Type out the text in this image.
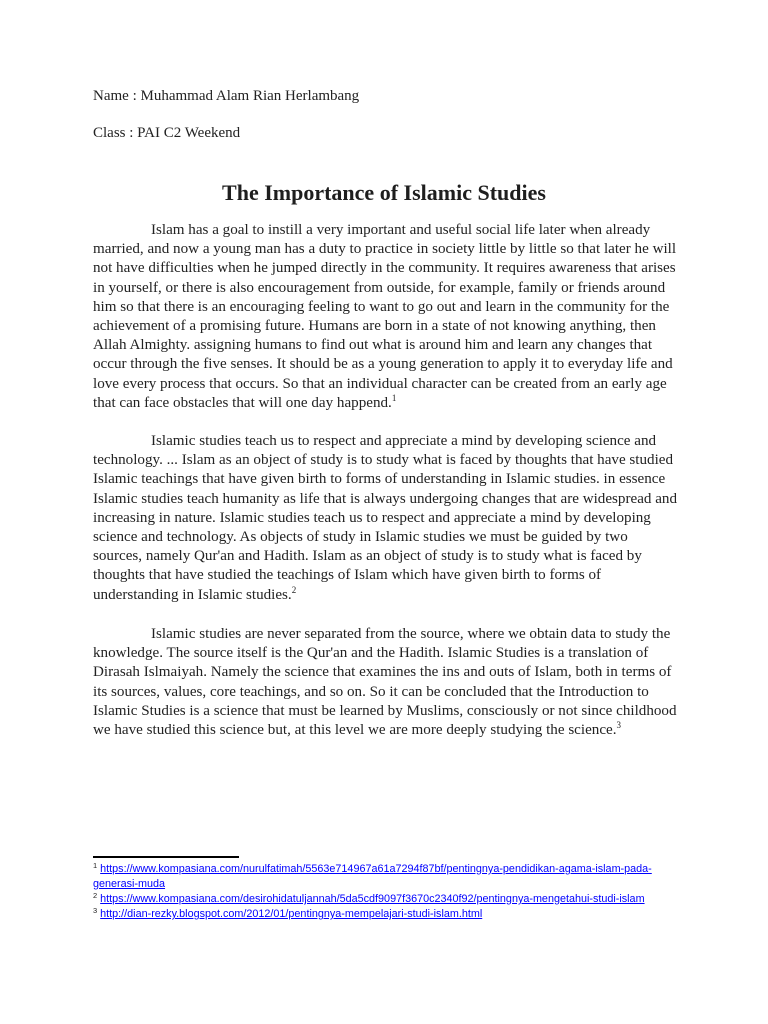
Name : Muhammad Alam Rian Herlambang
Class : PAI C2 Weekend
The Importance of Islamic Studies

Islam has a goal to instill a very important and useful social life later when already married, and now a young man has a duty to practice in society little by little so that later he will not have difficulties when he jumped directly in the community. It requires awareness that arises in yourself, or there is also encouragement from outside, for example, family or friends around him so that there is an encouraging feeling to want to go out and learn in the community for the achievement of a promising future. Humans are born in a state of not knowing anything, then Allah Almighty. assigning humans to find out what is around him and learn any changes that occur through the five senses. It should be as a young generation to apply it to everyday life and love every process that occurs. So that an individual character can be created from an early age that can face obstacles that will one day happend.$^1$

Islamic studies teach us to respect and appreciate a mind by developing science and technology. ... Islam as an object of study is to study what is faced by thoughts that have studied Islamic teachings that have given birth to forms of understanding in Islamic studies. in essence Islamic studies teach humanity as life that is always undergoing changes that are widespread and increasing in nature. Islamic studies teach us to respect and appreciate a mind by developing science and technology. As objects of study in Islamic studies we must be guided by two sources, namely Qur'an and Hadith. Islam as an object of study is to study what is faced by thoughts that have studied the teachings of Islam which have given birth to forms of understanding in Islamic studies.$^2$

Islamic studies are never separated from the source, where we obtain data to study the knowledge. The source itself is the Qur'an and the Hadith. Islamic Studies is a translation of Dirasah Islmaiyah. Namely the science that examines the ins and outs of Islam, both in terms of its sources, values, core teachings, and so on. So it can be concluded that the Introduction to Islamic Studies is a science that must be learned by Muslims, consciously or not since childhood we have studied this science but, at this level we are more deeply studying the science.$^3$

$^1$ https://www.kompasiana.com/nurulfatimah/5563e714967a61a7294f87bf/pentingnya-pendidikan-agama-islam-pada-generasi-muda

$^2$ https://www.kompasiana.com/desirohidatuljannah/5da5cdf9097f3670c2340f92/pentingnya-mengetahui-studi-islam

$^3$ http://dian-rezky.blogspot.com/2012/01/pentingnya-mempelajari-studi-islam.html
